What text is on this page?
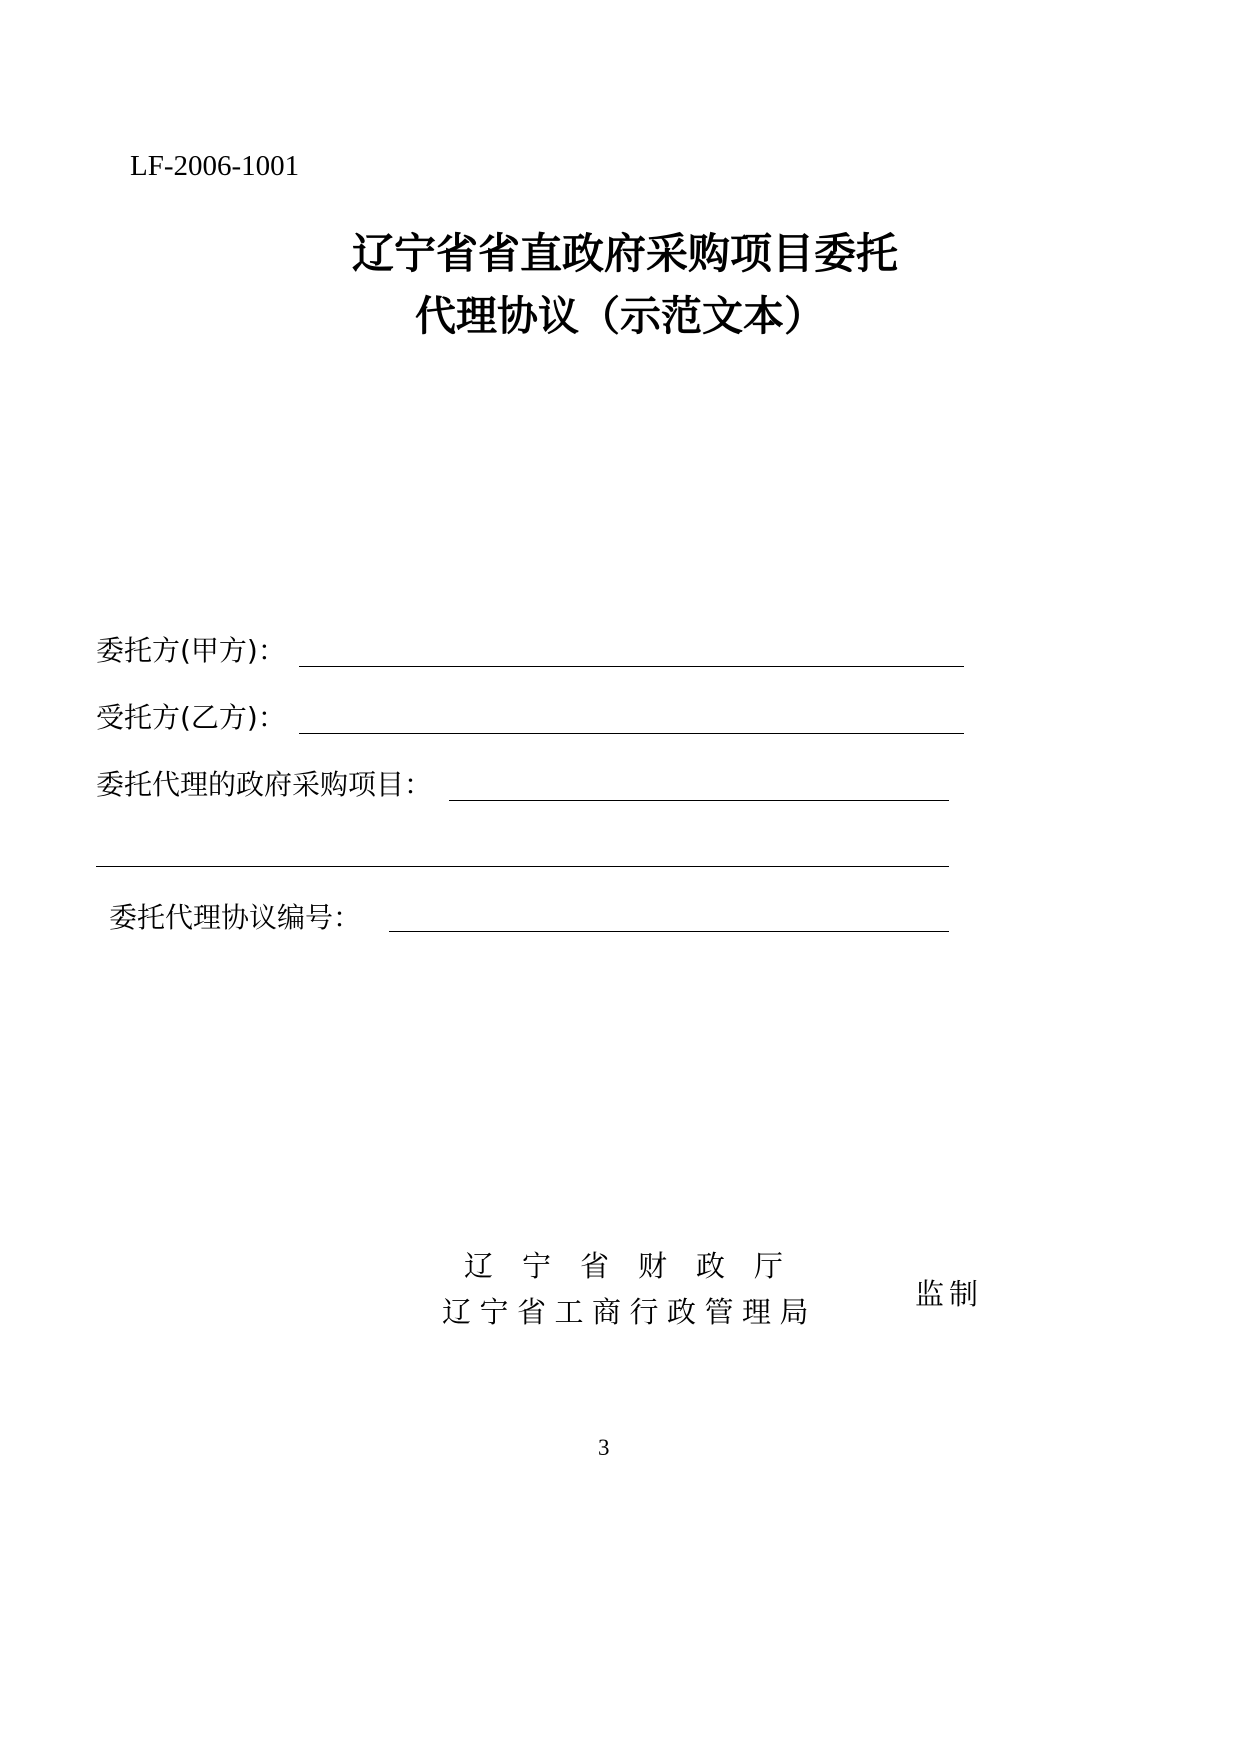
LF-2006-1001
辽宁省省直政府采购项目委托
代理协议（示范文本）
委托方(甲方)：
受托方(乙方)：
委托代理的政府采购项目：
委托代理协议编号：
辽宁省财政厅
辽宁省工商行政管理局
监制
3
